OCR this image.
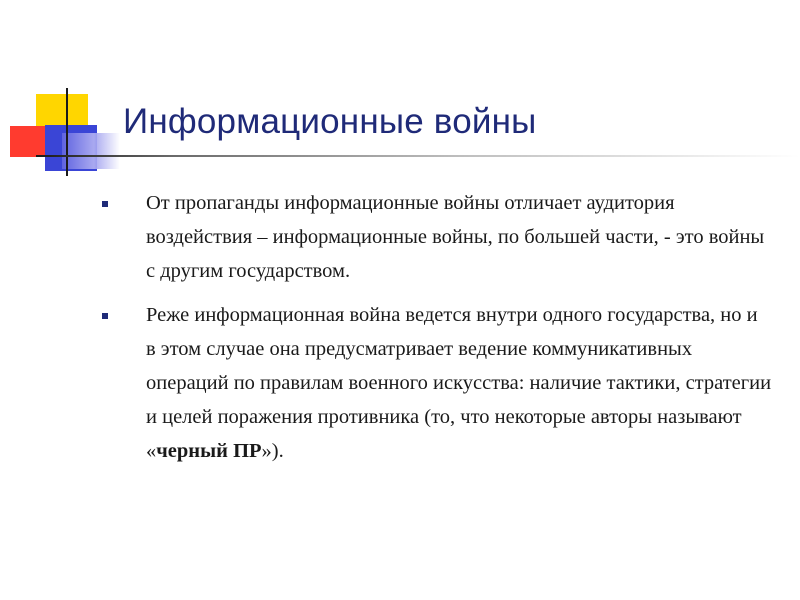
Информационные войны
От пропаганды информационные войны отличает аудитория воздействия – информационные войны, по большей части, - это войны с другим государством.
Реже информационная война ведется внутри одного государства, но и в этом случае она предусматривает ведение коммуникативных операций по правилам военного искусства: наличие тактики, стратегии и целей поражения противника (то, что некоторые авторы называют «черный ПР»).
